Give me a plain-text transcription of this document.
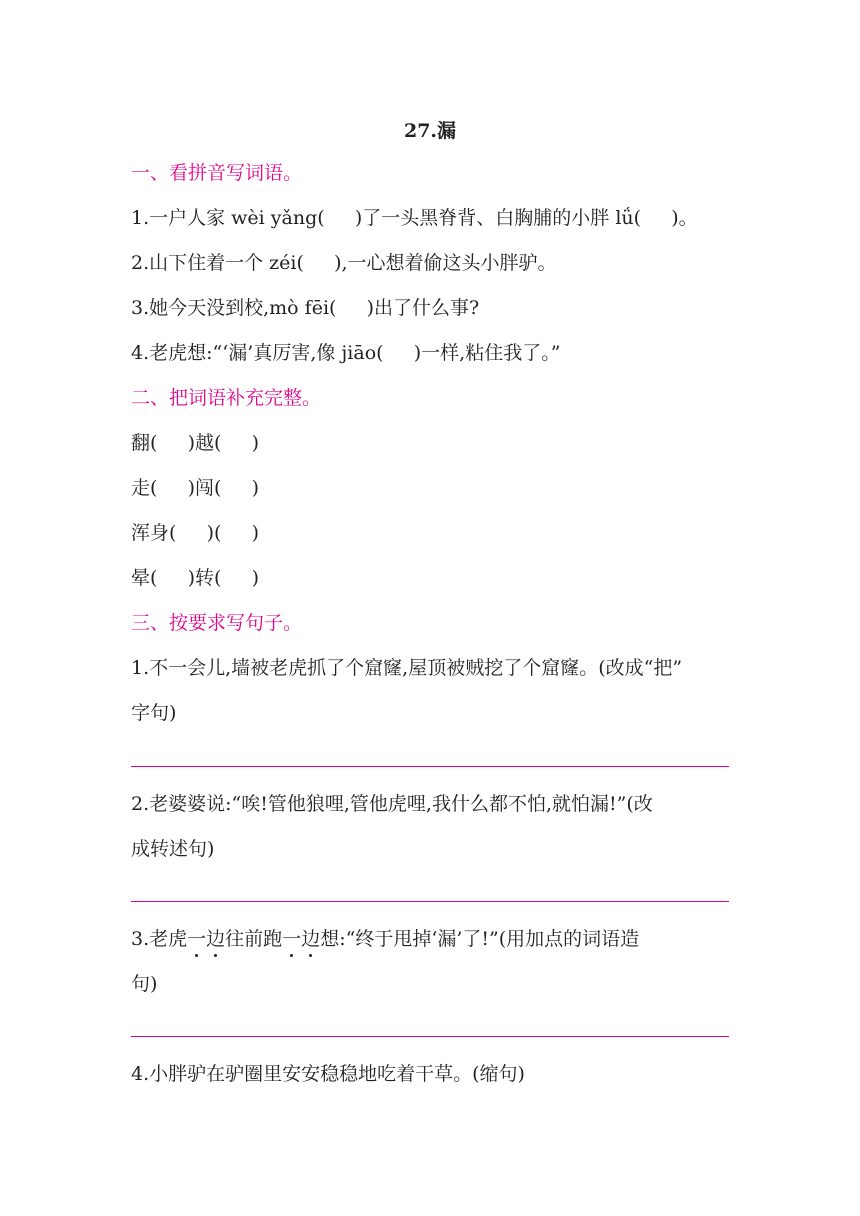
27.漏
一、看拼音写词语。
1.一户人家 wèi yǎng(     )了一头黑脊背、白胸脯的小胖 lǘ(     )。
2.山下住着一个 zéi(     ),一心想着偷这头小胖驴。
3.她今天没到校,mò fēi(     )出了什么事?
4.老虎想:“‘漏’真厉害,像 jiāo(     )一样,粘住我了。”
二、把词语补充完整。
翻(     )越(     )
走(     )闯(     )
浑身(     )(     )
晕(     )转(     )
三、按要求写句子。
1.不一会儿,墙被老虎抓了个窟窿,屋顶被贼挖了个窟窿。(改成“把”
字句)
2.老婆婆说:“唉!管他狼哩,管他虎哩,我什么都不怕,就怕漏!”(改
成转述句)
3.老虎一边往前跑一边想:“终于甩掉‘漏’了!”(用加点的词语造
句)
4.小胖驴在驴圈里安安稳稳地吃着干草。(缩句)
